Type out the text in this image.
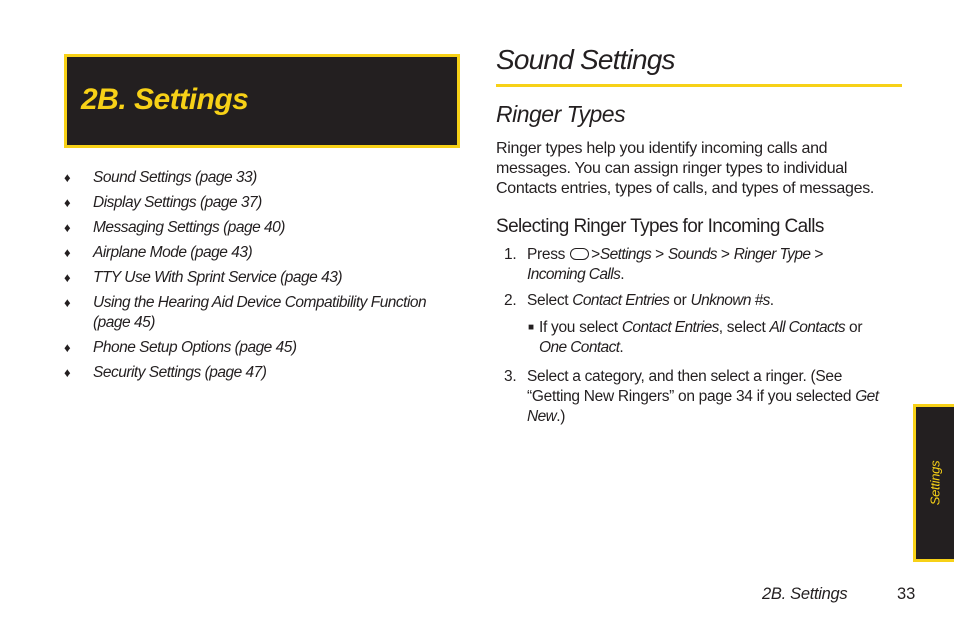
2B. Settings
♦ Sound Settings (page 33)
♦ Display Settings (page 37)
♦ Messaging Settings (page 40)
♦ Airplane Mode (page 43)
♦ TTY Use With Sprint Service (page 43)
♦ Using the Hearing Aid Device Compatibility Function (page 45)
♦ Phone Setup Options (page 45)
♦ Security Settings (page 47)
Sound Settings
Ringer Types

Ringer types help you identify incoming calls and messages. You can assign ringer types to individual Contacts entries, types of calls, and types of messages.

Selecting Ringer Types for Incoming Calls
1. Press >Settings > Sounds > Ringer Type > Incoming Calls.
2. Select Contact Entries or Unknown #s.
■ If you select Contact Entries, select All Contacts or One Contact.
3. Select a category, and then select a ringer. (See “Getting New Ringers” on page 34 if you selected Get New.)
Settings
2B. Settings	33
